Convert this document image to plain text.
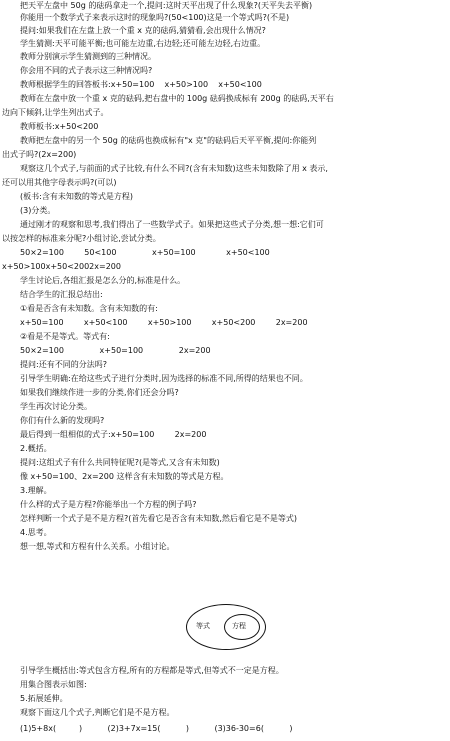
把天平左盘中 50g 的砝码拿走一个,提问:这时天平出现了什么现象?(天平失去平衡)
你能用一个数学式子来表示这时的现象吗?(50<100)这是一个等式吗?(不是)
提问:如果我们在左盘上放一个重 x 克的砝码,猜猜看,会出现什么情况?
学生猜测:天平可能平衡;也可能左边重,右边轻;还可能左边轻,右边重。
教师分别演示学生猜测到的三种情况。
你会用不同的式子表示这三种情况吗?
教师根据学生的回答板书:x+50=100    x+50>100    x+50<100
教师在左盘中放一个重 x 克的砝码,把右盘中的 100g 砝码换成标有 200g 的砝码,天平右
边向下倾斜,让学生列出式子。
教师板书:x+50<200
教师把左盘中的另一个 50g 的砝码也换成标有"x 克"的砝码后天平平衡,提问:你能列
出式子吗?(2x=200)
观察这几个式子,与前面的式子比较,有什么不同?(含有未知数)这些未知数除了用 x 表示,
还可以用其他字母表示吗?(可以)
(板书:含有未知数的等式是方程)
(3)分类。
通过刚才的观察和思考,我们得出了一些数学式子。如果把这些式子分类,想一想:它们可
以按怎样的标准来分呢?小组讨论,尝试分类。
50×2=100        50<100              x+50=100            x+50<100
x+50>100x+50<2002x=200
学生讨论后,各组汇报是怎么分的,标准是什么。
结合学生的汇报总结出:
①看是否含有未知数。含有未知数的有:
x+50=100        x+50<100        x+50>100        x+50<200        2x=200
②看是不是等式。等式有:
50×2=100              x+50=100              2x=200
提问:还有不同的分法吗?
引导学生明确:在给这些式子进行分类时,因为选择的标准不同,所得的结果也不同。
如果我们继续作进一步的分类,你们还会分吗?
学生再次讨论分类。
你们有什么新的发现吗?
最后得到一组相似的式子:x+50=100        2x=200
2.概括。
提问:这组式子有什么共同特征呢?(是等式,又含有未知数)
像 x+50=100、2x=200 这样含有未知数的等式是方程。
3.理解。
什么样的式子是方程?你能举出一个方程的例子吗?
怎样判断一个式子是不是方程?(首先看它是否含有未知数,然后看它是不是等式)
4.思考。
想一想,等式和方程有什么关系。小组讨论。
等式	方程
引导学生概括出:等式包含方程,所有的方程都是等式,但等式不一定是方程。
用集合图表示如图:
5.拓展延伸。
观察下面这几个式子,判断它们是不是方程。
(1)5+8x(         )          (2)3+7x=15(          )          (3)36-30=6(          )
